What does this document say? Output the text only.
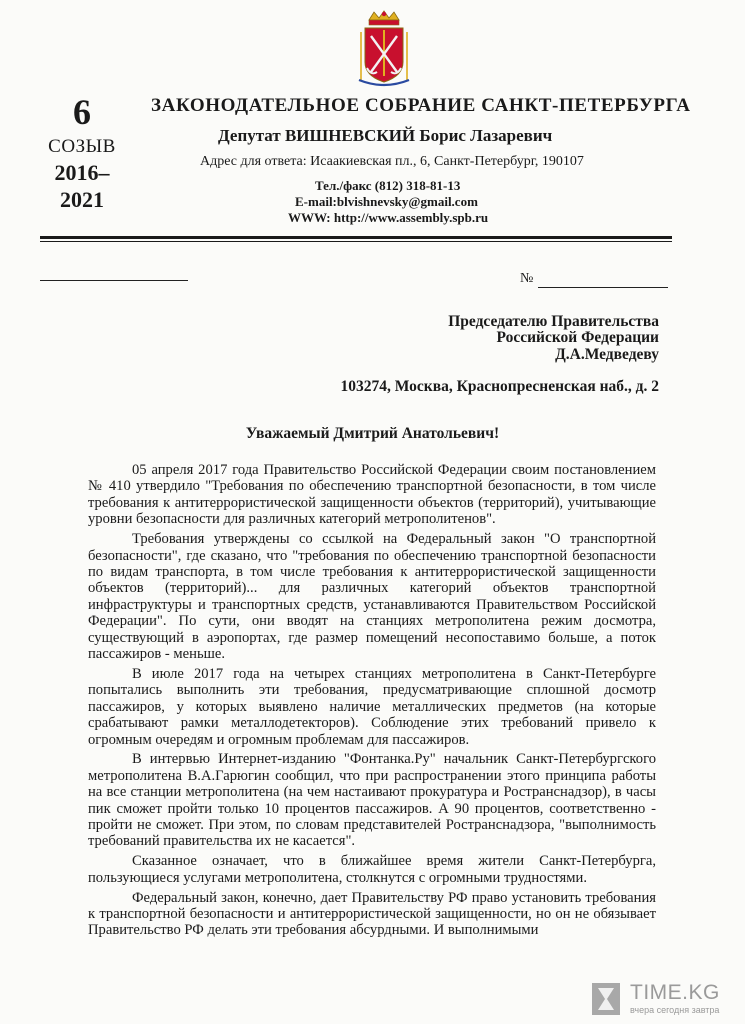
6
СОЗЫВ
2016–
2021
ЗАКОНОДАТЕЛЬНОЕ СОБРАНИЕ САНКТ-ПЕТЕРБУРГА
Депутат ВИШНЕВСКИЙ Борис Лазаревич
Адрес для ответа: Исаакиевская пл., 6, Санкт-Петербург, 190107
Тел./факс (812) 318-81-13
E-mail:blvishnevsky@gmail.com
WWW: http://www.assembly.spb.ru
№
Председателю Правительства
Российской Федерации
Д.А.Медведеву
103274, Москва, Краснопресненская наб., д. 2
Уважаемый Дмитрий Анатольевич!

05 апреля 2017 года Правительство Российской Федерации своим постановлением № 410 утвердило "Требования по обеспечению транспортной безопасности, в том числе требования к антитеррористической защищенности объектов (территорий), учитывающие уровни безопасности для различных категорий метрополитенов".

Требования утверждены со ссылкой на Федеральный закон "О транспортной безопасности", где сказано, что "требования по обеспечению транспортной безопасности по видам транспорта, в том числе требования к антитеррористической защищенности объектов (территорий)... для различных категорий объектов транспортной инфраструктуры и транспортных средств, устанавливаются Правительством Российской Федерации". По сути, они вводят на станциях метрополитена режим досмотра, существующий в аэропортах, где размер помещений несопоставимо больше, а поток пассажиров - меньше.

В июле 2017 года на четырех станциях метрополитена в Санкт-Петербурге попытались выполнить эти требования, предусматривающие сплошной досмотр пассажиров, у которых выявлено наличие металлических предметов (на которые срабатывают рамки металлодетекторов). Соблюдение этих требований привело к огромным очередям и огромным проблемам для пассажиров.

В интервью Интернет-изданию "Фонтанка.Ру" начальник Санкт-Петербургского метрополитена В.А.Гарюгин сообщил, что при распространении этого принципа работы на все станции метрополитена (на чем настаивают прокуратура и Ространснадзор), в часы пик сможет пройти только 10 процентов пассажиров. А 90 процентов, соответственно - пройти не сможет. При этом, по словам представителей Ространснадзора, "выполнимость требований правительства их не касается".

Сказанное означает, что в ближайшее время жители Санкт-Петербурга, пользующиеся услугами метрополитена, столкнутся с огромными трудностями.

Федеральный закон, конечно, дает Правительству РФ право установить требования к транспортной безопасности и антитеррористической защищенности, но он не обязывает Правительство РФ делать эти требования абсурдными. И выполнимыми

TIME.KG
вчера сегодня завтра
